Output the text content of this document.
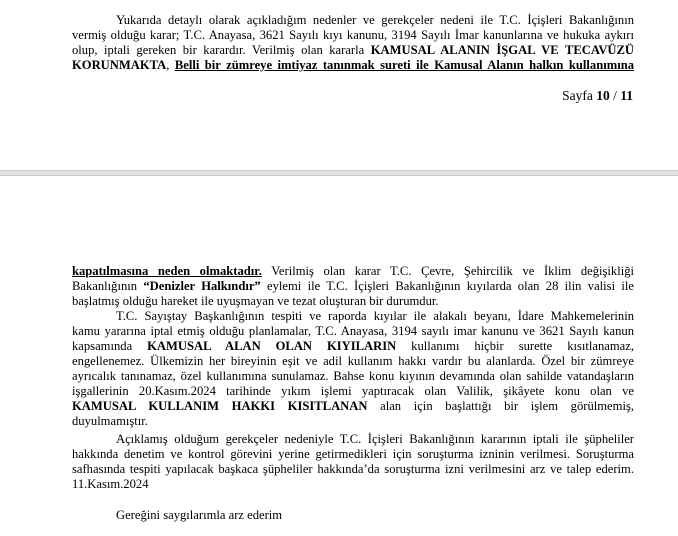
Yukarıda detaylı olarak açıkladığım nedenler ve gerekçeler nedeni ile T.C. İçişleri Bakanlığının
vermiş olduğu karar; T.C. Anayasa, 3621 Sayılı kıyı kanunu, 3194 Sayılı İmar kanunlarına ve hukuka aykırı
olup, iptali gereken bir karardır. Verilmiş olan kararla KAMUSAL ALANIN İŞGAL VE TECAVÜZÜ
KORUNMAKTA, Belli bir zümreye imtiyaz tanınmak sureti ile Kamusal Alanın halkın kullanımına
Sayfa 10 / 11
kapatılmasına neden olmaktadır. Verilmiş olan karar T.C. Çevre, Şehircilik ve İklim değişikliği
Bakanlığının “Denizler Halkındır” eylemi ile T.C. İçişleri Bakanlığının kıyılarda olan 28 ilin valisi ile
başlatmış olduğu hareket ile uyuşmayan ve tezat oluşturan bir durumdur.
T.C. Sayıştay Başkanlığının tespiti ve raporda kıyılar ile alakalı beyanı, İdare Mahkemelerinin
kamu yararına iptal etmiş olduğu planlamalar, T.C. Anayasa, 3194 sayılı imar kanunu ve 3621 Sayılı kanun
kapsamında KAMUSAL ALAN OLAN KIYILARIN kullanımı hiçbir surette kısıtlanamaz,
engellenemez. Ülkemizin her bireyinin eşit ve adil kullanım hakkı vardır bu alanlarda. Özel bir zümreye
ayrıcalık tanınamaz, özel kullanımına sunulamaz. Bahse konu kıyının devamında olan sahilde vatandaşların
işgallerinin 20.Kasım.2024 tarihinde yıkım işlemi yaptıracak olan Valilik, şikâyete konu olan ve
KAMUSAL KULLANIM HAKKI KISITLANAN alan için başlattığı bir işlem görülmemiş,
duyulmamıştır.
Açıklamış olduğum gerekçeler nedeniyle T.C. İçişleri Bakanlığının kararının iptali ile şüpheliler
hakkında denetim ve kontrol görevini yerine getirmedikleri için soruşturma izninin verilmesi. Soruşturma
safhasında tespiti yapılacak başkaca şüpheliler hakkında’da soruşturma izni verilmesini arz ve talep ederim.
11.Kasım.2024
Gereğini saygılarımla arz ederim
